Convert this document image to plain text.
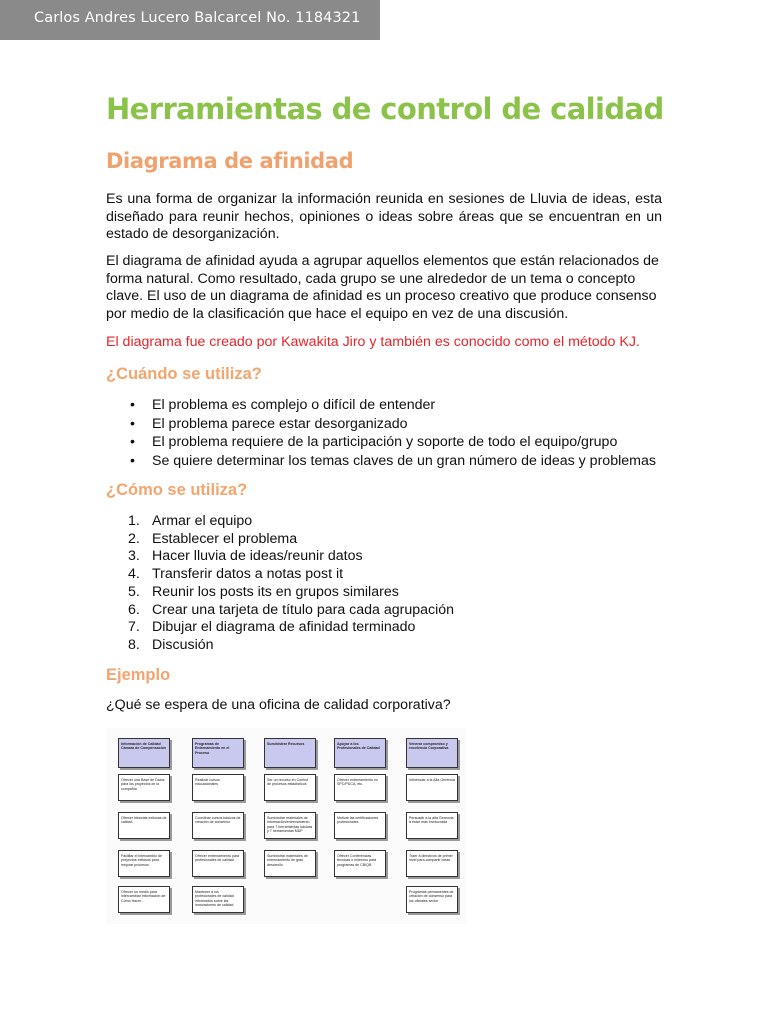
Carlos Andres Lucero Balcarcel No. 1184321
Herramientas de control de calidad
Diagrama de afinidad

Es una forma de organizar la información reunida en sesiones de Lluvia de ideas, esta diseñado para reunir hechos, opiniones o ideas sobre áreas que se encuentran en un estado de desorganización.

El diagrama de afinidad ayuda a agrupar aquellos elementos que están relacionados de forma natural. Como resultado, cada grupo se une alrededor de un tema o concepto clave. El uso de un diagrama de afinidad es un proceso creativo que produce consenso por medio de la clasificación que hace el equipo en vez de una discusión.

El diagrama fue creado por Kawakita Jiro y también es conocido como el método KJ.

¿Cuándo se utiliza?
• El problema es complejo o difícil de entender
• El problema parece estar desorganizado
• El problema requiere de la participación y soporte de todo el equipo/grupo
• Se quiere determinar los temas claves de un gran número de ideas y problemas
¿Cómo se utiliza?
1. Armar el equipo
2. Establecer el problema
3. Hacer lluvia de ideas/reunir datos
4. Transferir datos a notas post it
5. Reunir los posts its en grupos similares
6. Crear una tarjeta de título para cada agrupación
7. Dibujar el diagrama de afinidad terminado
8. Discusión
Ejemplo

¿Qué se espera de una oficina de calidad corporativa?

Información de Calidad Cámara de Compensación
Ofrecer una Base de Datos para los proyectos de la compañía
Ofrecer historias exitosas de calidad
Facilitar el intercambio de proyectos exitosos para mejorar procesos
Ofrecer un medio para intercambiar información de Cómo Hacer...
Programas de Entrenamiento en el Proceso
Realizar cursos educacionales
Coordinar cursos básicos de creación de consenso
Ofrecer entrenamiento para profesionales de calidad
Mantener a los profesionales de calidad informados sobre las innovaciones de calidad
Suministrar Recursos
Ser un recurso en Control de procesos estadísticos
Suministrar materiales de información/entrenamiento para 7 herramientas básicas y 7 herramientas M&P
Suministrar materiales de entrenamiento de gran desarrollo
Apoyar a los Profesionales de Calidad
Ofrecer entrenamiento en SPC/PDCA, etc.
Motivar las certificaciones profesionales
Ofrecer Conferencias técnicas o externos para programas de CBIQB
Venerar compromiso y excelencia Corporativa
Influenciar a la Alta Gerencia
Persuadir a la alta Gerencia a estar más involucrada
Traer a directivos de primer nivel para compartir ideas
Programas permanentes de creación de consenso para los oficiales senior
